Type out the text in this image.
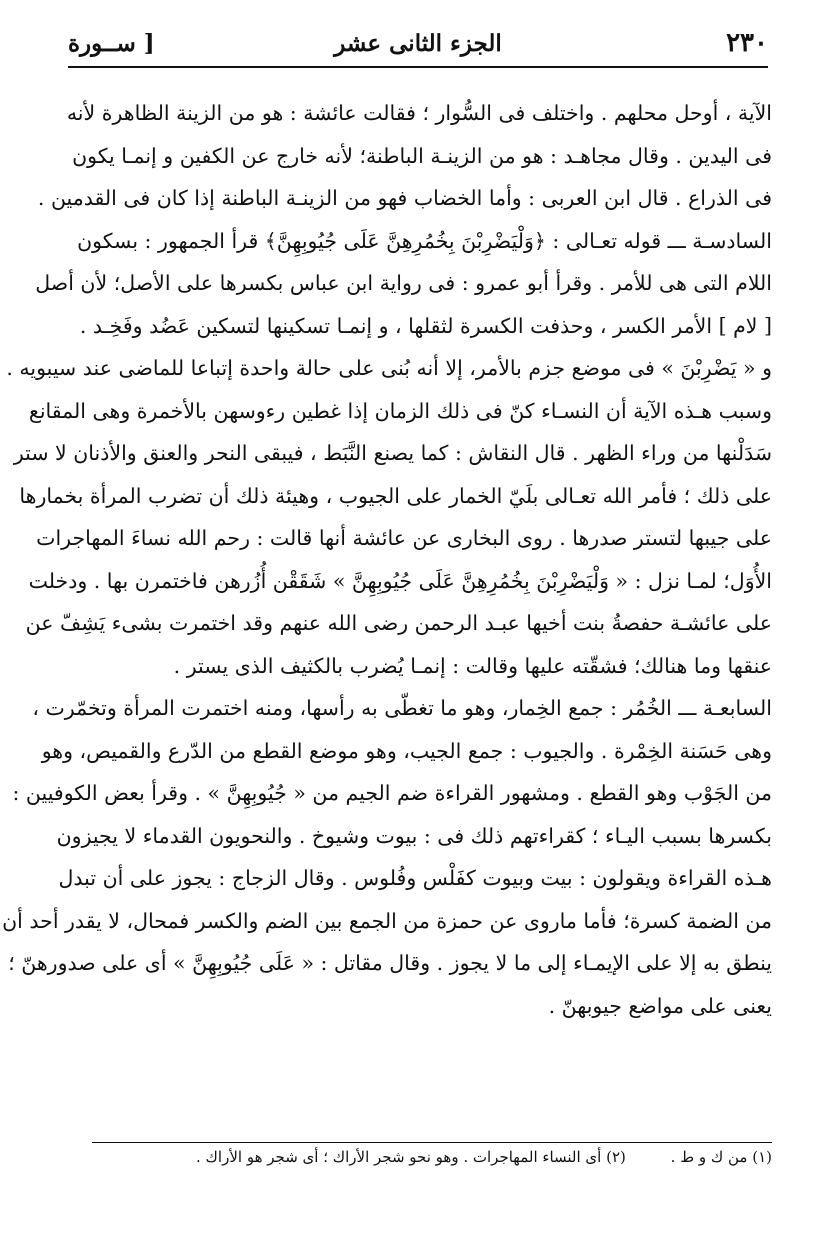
٢٣٠
الجزء الثانى عشر
[ ســورة
الآية ، أوحل محلهم . واختلف فى السُّوار ؛ فقالت عائشة : هو من الزينة الظاهرة لأنه
فى اليدين . وقال مجاهـد : هو من الزينـة الباطنة؛ لأنه خارج عن الكفين و إنمـا يكون
فى الذراع . قال ابن العربى : وأما الخضاب فهو من الزينـة الباطنة إذا كان فى القدمين .
السادسـة ـــ قوله تعـالى : ﴿وَلْيَضْرِبْنَ بِخُمُرِهِنَّ عَلَى جُيُوبِهِنَّ﴾ قرأ الجمهور : بسكون
اللام التى هى للأمر . وقرأ أبو عمرو : فى رواية ابن عباس بكسرها على الأصل؛ لأن أصل
[ لام ] الأمر الكسر ، وحذفت الكسرة لثقلها ، و إنمـا تسكينها لتسكين عَضُد وفَخِـد .
و « يَضْرِبْنَ » فى موضع جزم بالأمر، إلا أنه بُنى على حالة واحدة إتباعا للماضى عند سيبويه .
وسبب هـذه الآية أن النسـاء كنّ فى ذلك الزمان إذا غطين رءوسهن بالأخمرة وهى المقانع
سَدَلْنها من وراء الظهر . قال النقاش : كما يصنع النَّبَط ، فيبقى النحر والعنق والأذنان لا ستر
على ذلك ؛ فأمر الله تعـالى بلَيّ الخمار على الجيوب ، وهيئة ذلك أن تضرب المرأة بخمارها
على جيبها لتستر صدرها . روى البخارى عن عائشة أنها قالت : رحم الله نساءَ المهاجرات
الأُوَل؛ لمـا نزل : « وَلْيَضْرِبْنَ بِخُمُرِهِنَّ عَلَى جُيُوبِهِنَّ » شَقَقْن أُزُرهن فاختمرن بها . ودخلت
على عائشـة حفصةُ بنت أخيها عبـد الرحمن رضى الله عنهم وقد اختمرت بشىء يَشِفّ عن
عنقها وما هنالك؛ فشقّته عليها وقالت : إنمـا يُضرب بالكثيف الذى يستر .
السابعـة ـــ الخُمُر : جمع الخِمار، وهو ما تغطّى به رأسها، ومنه اختمرت المرأة وتخمّرت ،
وهى حَسَنة الخِمْرة . والجيوب : جمع الجيب، وهو موضع القطع من الدّرع والقميص، وهو
من الجَوْب وهو القطع . ومشهور القراءة ضم الجيم من « جُيُوبِهِنَّ » . وقرأ بعض الكوفيين :
بكسرها بسبب اليـاء ؛ كقراءتهم ذلك فى : بيوت وشيوخ . والنحويون القدماء لا يجيزون
هـذه القراءة ويقولون : بيت وبيوت كفَلْس وفُلوس . وقال الزجاج : يجوز على أن تبدل
من الضمة كسرة؛ فأما ماروى عن حمزة من الجمع بين الضم والكسر فمحال، لا يقدر أحد أن
ينطق به إلا على الإيمـاء إلى ما لا يجوز . وقال مقاتل : « عَلَى جُيُوبِهِنَّ » أى على صدورهنّ ؛
يعنى على مواضع جيوبهنّ .
(١) من ك و ط . (٢) أى النساء المهاجرات . وهو نحو شجر الأراك ؛ أى شجر هو الأراك .
